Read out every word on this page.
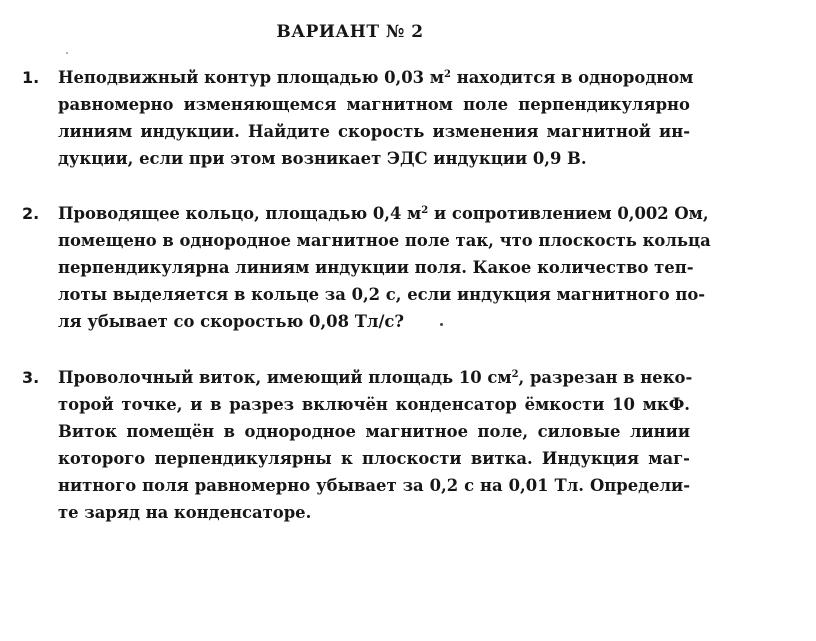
ВАРИАНТ № 2
1.	Неподвижный контур площадью 0,03 $м^2$ находится в однородном
равномерно изменяющемся магнитном поле перпендикулярно
линиям индукции. Найдите скорость изменения магнитной ин-
дукции, если при этом возникает ЭДС индукции 0,9 В.
2.	Проводящее кольцо, площадью 0,4 $м^2$ и сопротивлением 0,002 Ом,
помещено в однородное магнитное поле так, что плоскость кольца
перпендикулярна линиям индукции поля. Какое количество теп-
лоты выделяется в кольце за 0,2 с, если индукция магнитного по-
ля убывает со скоростью 0,08 Тл/с?
3.	Проволочный виток, имеющий площадь 10 $см^2$, разрезан в неко-
торой точке, и в разрез включён конденсатор ёмкости 10 мкФ.
Виток помещён в однородное магнитное поле, силовые линии
которого перпендикулярны к плоскости витка. Индукция маг-
нитного поля равномерно убывает за 0,2 с на 0,01 Тл. Определи-
те заряд на конденсаторе.
